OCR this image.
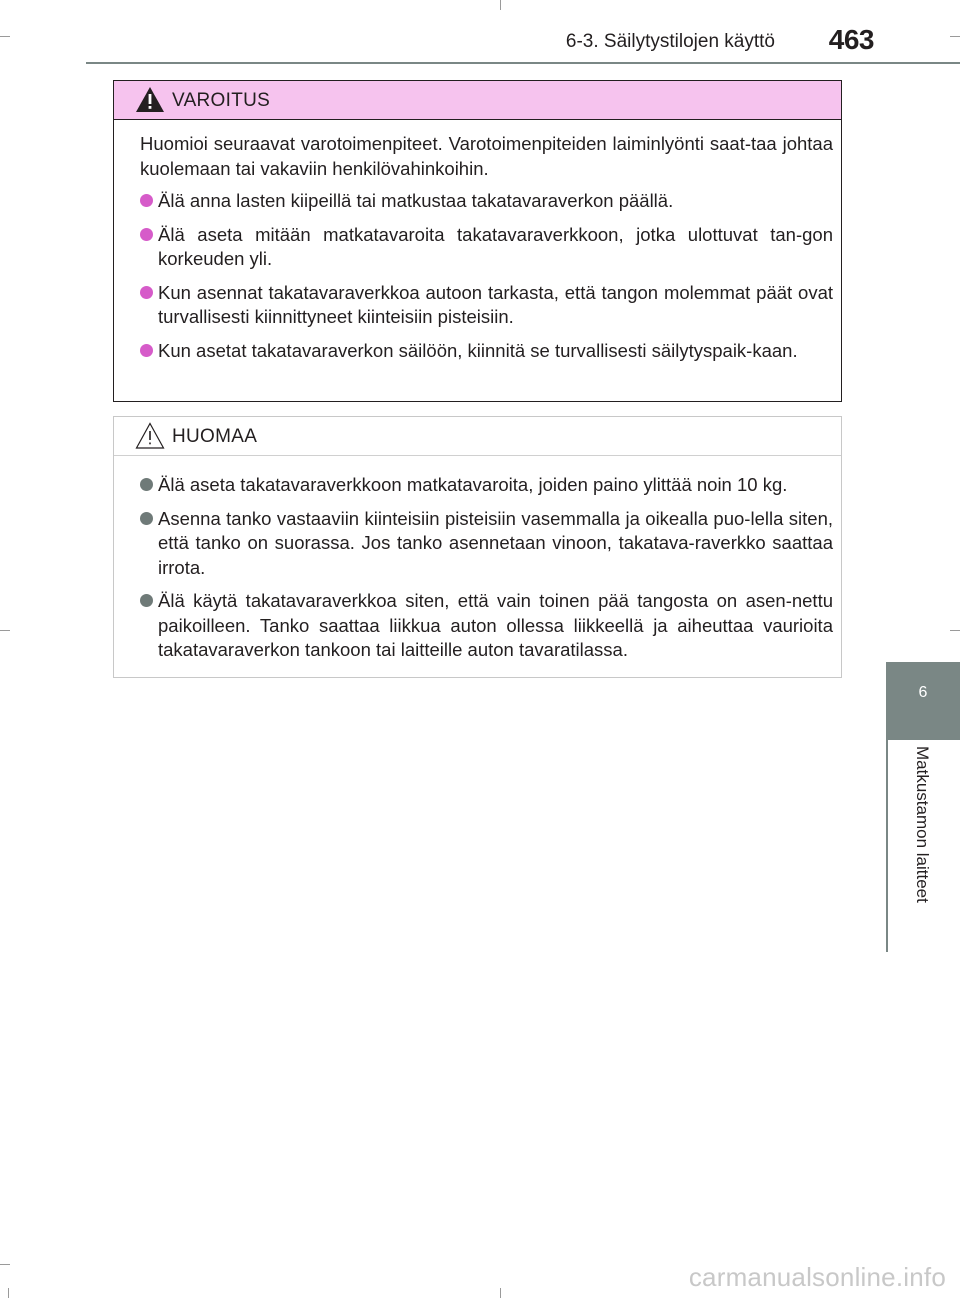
6-3. Säilytystilojen käyttö 463
VAROITUS

Huomioi seuraavat varotoimenpiteet. Varotoimenpiteiden laiminlyönti saat-taa johtaa kuolemaan tai vakaviin henkilövahinkoihin.

Älä anna lasten kiipeillä tai matkustaa takatavaraverkon päällä.

Älä aseta mitään matkatavaroita takatavaraverkkoon, jotka ulottuvat tan-gon korkeuden yli.

Kun asennat takatavaraverkkoa autoon tarkasta, että tangon molemmat päät ovat turvallisesti kiinnittyneet kiinteisiin pisteisiin.

Kun asetat takatavaraverkon säilöön, kiinnitä se turvallisesti säilytyspaik-kaan.

HUOMAA

Älä aseta takatavaraverkkoon matkatavaroita, joiden paino ylittää noin 10 kg.

Asenna tanko vastaaviin kiinteisiin pisteisiin vasemmalla ja oikealla puo-lella siten, että tanko on suorassa. Jos tanko asennetaan vinoon, takatava-raverkko saattaa irrota.

Älä käytä takatavaraverkkoa siten, että vain toinen pää tangosta on asen-nettu paikoilleen. Tanko saattaa liikkua auton ollessa liikkeellä ja aiheuttaa vaurioita takatavaraverkon tankoon tai laitteille auton tavaratilassa.

6
Matkustamon laitteet
carmanualsonline.info
